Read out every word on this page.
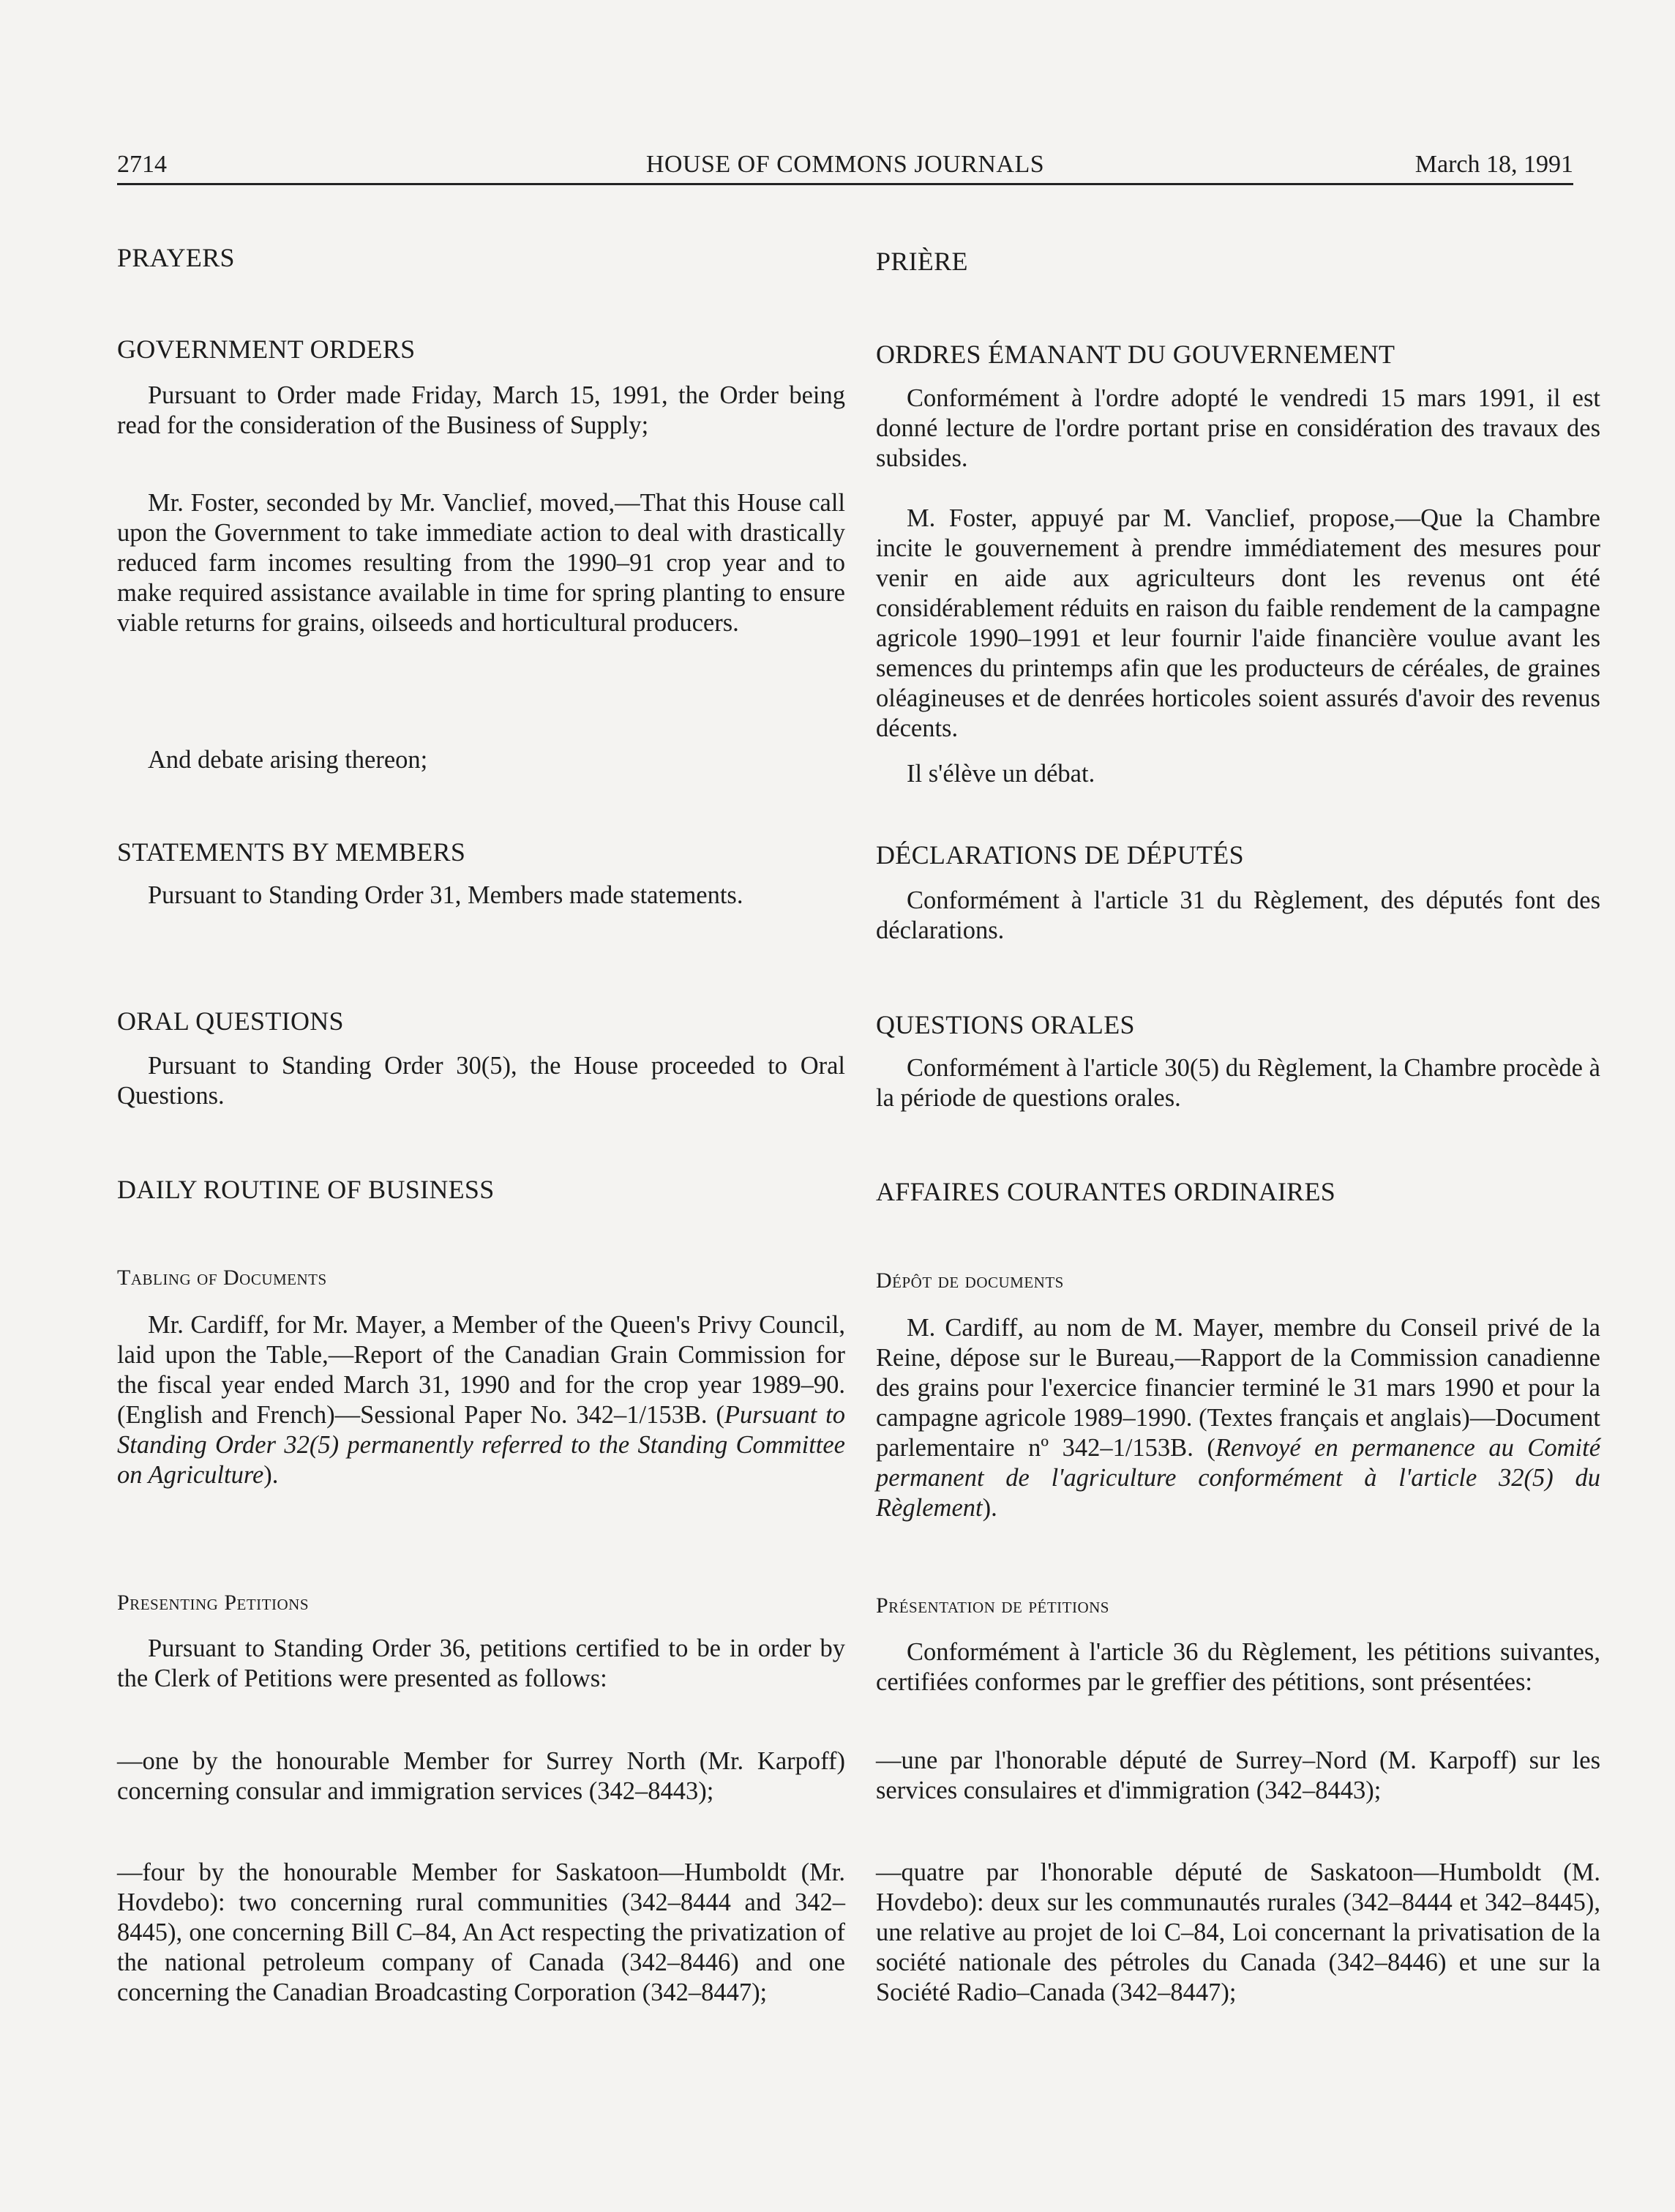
2714	HOUSE OF COMMONS JOURNALS	March 18, 1991
PRAYERS
GOVERNMENT ORDERS

Pursuant to Order made Friday, March 15, 1991, the Order being read for the consideration of the Business of Supply;

Mr. Foster, seconded by Mr. Vanclief, moved,—That this House call upon the Government to take immediate action to deal with drastically reduced farm incomes resulting from the 1990–91 crop year and to make required assistance available in time for spring planting to ensure viable returns for grains, oilseeds and horticultural producers.

And debate arising thereon;

STATEMENTS BY MEMBERS

Pursuant to Standing Order 31, Members made statements.

ORAL QUESTIONS

Pursuant to Standing Order 30(5), the House proceeded to Oral Questions.

DAILY ROUTINE OF BUSINESS
Tabling of Documents

Mr. Cardiff, for Mr. Mayer, a Member of the Queen's Privy Council, laid upon the Table,—Report of the Canadian Grain Commission for the fiscal year ended March 31, 1990 and for the crop year 1989–90. (English and French)—Sessional Paper No. 342–1/153B. (Pursuant to Standing Order 32(5) permanently referred to the Standing Committee on Agriculture).

Presenting Petitions

Pursuant to Standing Order 36, petitions certified to be in order by the Clerk of Petitions were presented as follows:

—one by the honourable Member for Surrey North (Mr. Karpoff) concerning consular and immigration services (342–8443);

—four by the honourable Member for Saskatoon—Humboldt (Mr. Hovdebo): two concerning rural communities (342–8444 and 342–8445), one concerning Bill C–84, An Act respecting the privatization of the national petroleum company of Canada (342–8446) and one concerning the Canadian Broadcasting Corporation (342–8447);

PRIÈRE
ORDRES ÉMANANT DU GOUVERNEMENT

Conformément à l'ordre adopté le vendredi 15 mars 1991, il est donné lecture de l'ordre portant prise en considération des travaux des subsides.

M. Foster, appuyé par M. Vanclief, propose,—Que la Chambre incite le gouvernement à prendre immédiatement des mesures pour venir en aide aux agriculteurs dont les revenus ont été considérablement réduits en raison du faible rendement de la campagne agricole 1990–1991 et leur fournir l'aide financière voulue avant les semences du printemps afin que les producteurs de céréales, de graines oléagineuses et de denrées horticoles soient assurés d'avoir des revenus décents.

Il s'élève un débat.

DÉCLARATIONS DE DÉPUTÉS

Conformément à l'article 31 du Règlement, des députés font des déclarations.

QUESTIONS ORALES

Conformément à l'article 30(5) du Règlement, la Chambre procède à la période de questions orales.

AFFAIRES COURANTES ORDINAIRES
Dépôt de documents

M. Cardiff, au nom de M. Mayer, membre du Conseil privé de la Reine, dépose sur le Bureau,—Rapport de la Commission canadienne des grains pour l'exercice financier terminé le 31 mars 1990 et pour la campagne agricole 1989–1990. (Textes français et anglais)—Document parlementaire nº 342–1/153B. (Renvoyé en permanence au Comité permanent de l'agriculture conformément à l'article 32(5) du Règlement).

Présentation de pétitions

Conformément à l'article 36 du Règlement, les pétitions suivantes, certifiées conformes par le greffier des pétitions, sont présentées:

—une par l'honorable député de Surrey–Nord (M. Karpoff) sur les services consulaires et d'immigration (342–8443);

—quatre par l'honorable député de Saskatoon—Humboldt (M. Hovdebo): deux sur les communautés rurales (342–8444 et 342–8445), une relative au projet de loi C–84, Loi concernant la privatisation de la société nationale des pétroles du Canada (342–8446) et une sur la Société Radio–Canada (342–8447);
